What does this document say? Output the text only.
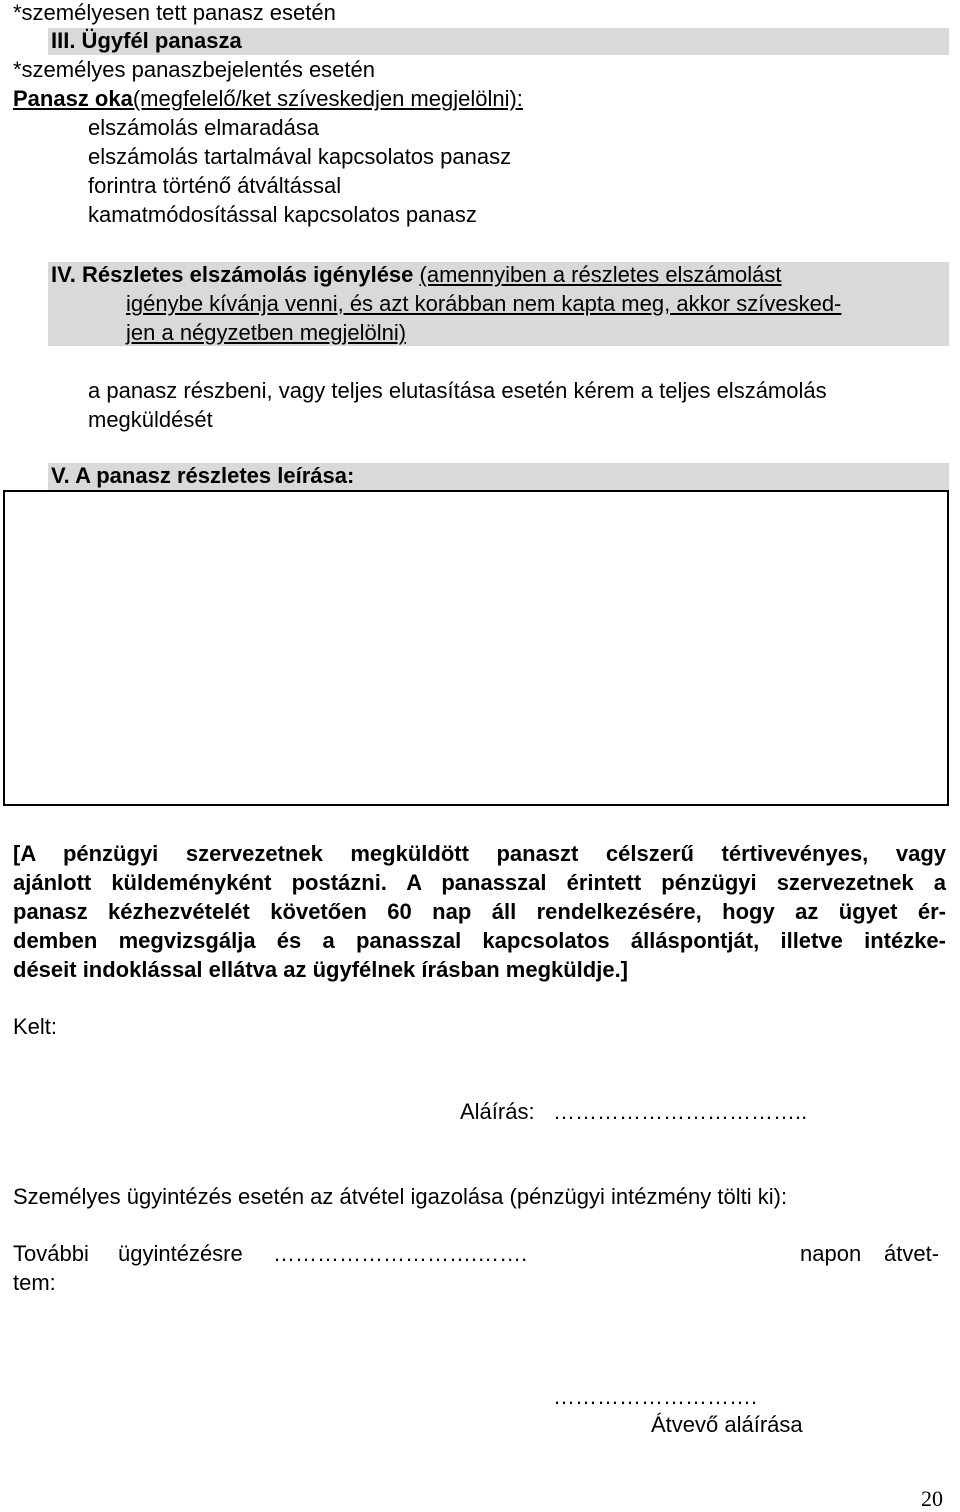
*személyesen tett panasz esetén
III. Ügyfél panasza
*személyes panaszbejelentés esetén
Panasz oka(megfelelő/ket szíveskedjen megjelölni):
elszámolás elmaradása
elszámolás tartalmával kapcsolatos panasz
forintra történő átváltással
kamatmódosítással kapcsolatos panasz
IV. Részletes elszámolás igénylése (amennyiben a részletes elszámolást
igénybe kívánja venni, és azt korábban nem kapta meg, akkor szívesked-
jen a négyzetben megjelölni)
a panasz részbeni, vagy teljes elutasítása esetén kérem a teljes elszámolás
megküldését
V. A panasz részletes leírása:
[A pénzügyi szervezetnek megküldött panaszt célszerű tértivevényes, vagy
ajánlott küldeményként postázni. A panasszal érintett pénzügyi szervezetnek a
panasz kézhezvételét követően 60 nap áll rendelkezésére, hogy az ügyet ér-
demben megvizsgálja és a panasszal kapcsolatos álláspontját, illetve intézke-
déseit indoklással ellátva az ügyfélnek írásban megküldje.]
Kelt:
Aláírás: ……………………………..
Személyes ügyintézés esetén az átvétel igazolása (pénzügyi intézmény tölti ki):
További ügyintézésre ……………………….…….	napon átvet-
tem:
……………………….
Átvevő aláírása
20
